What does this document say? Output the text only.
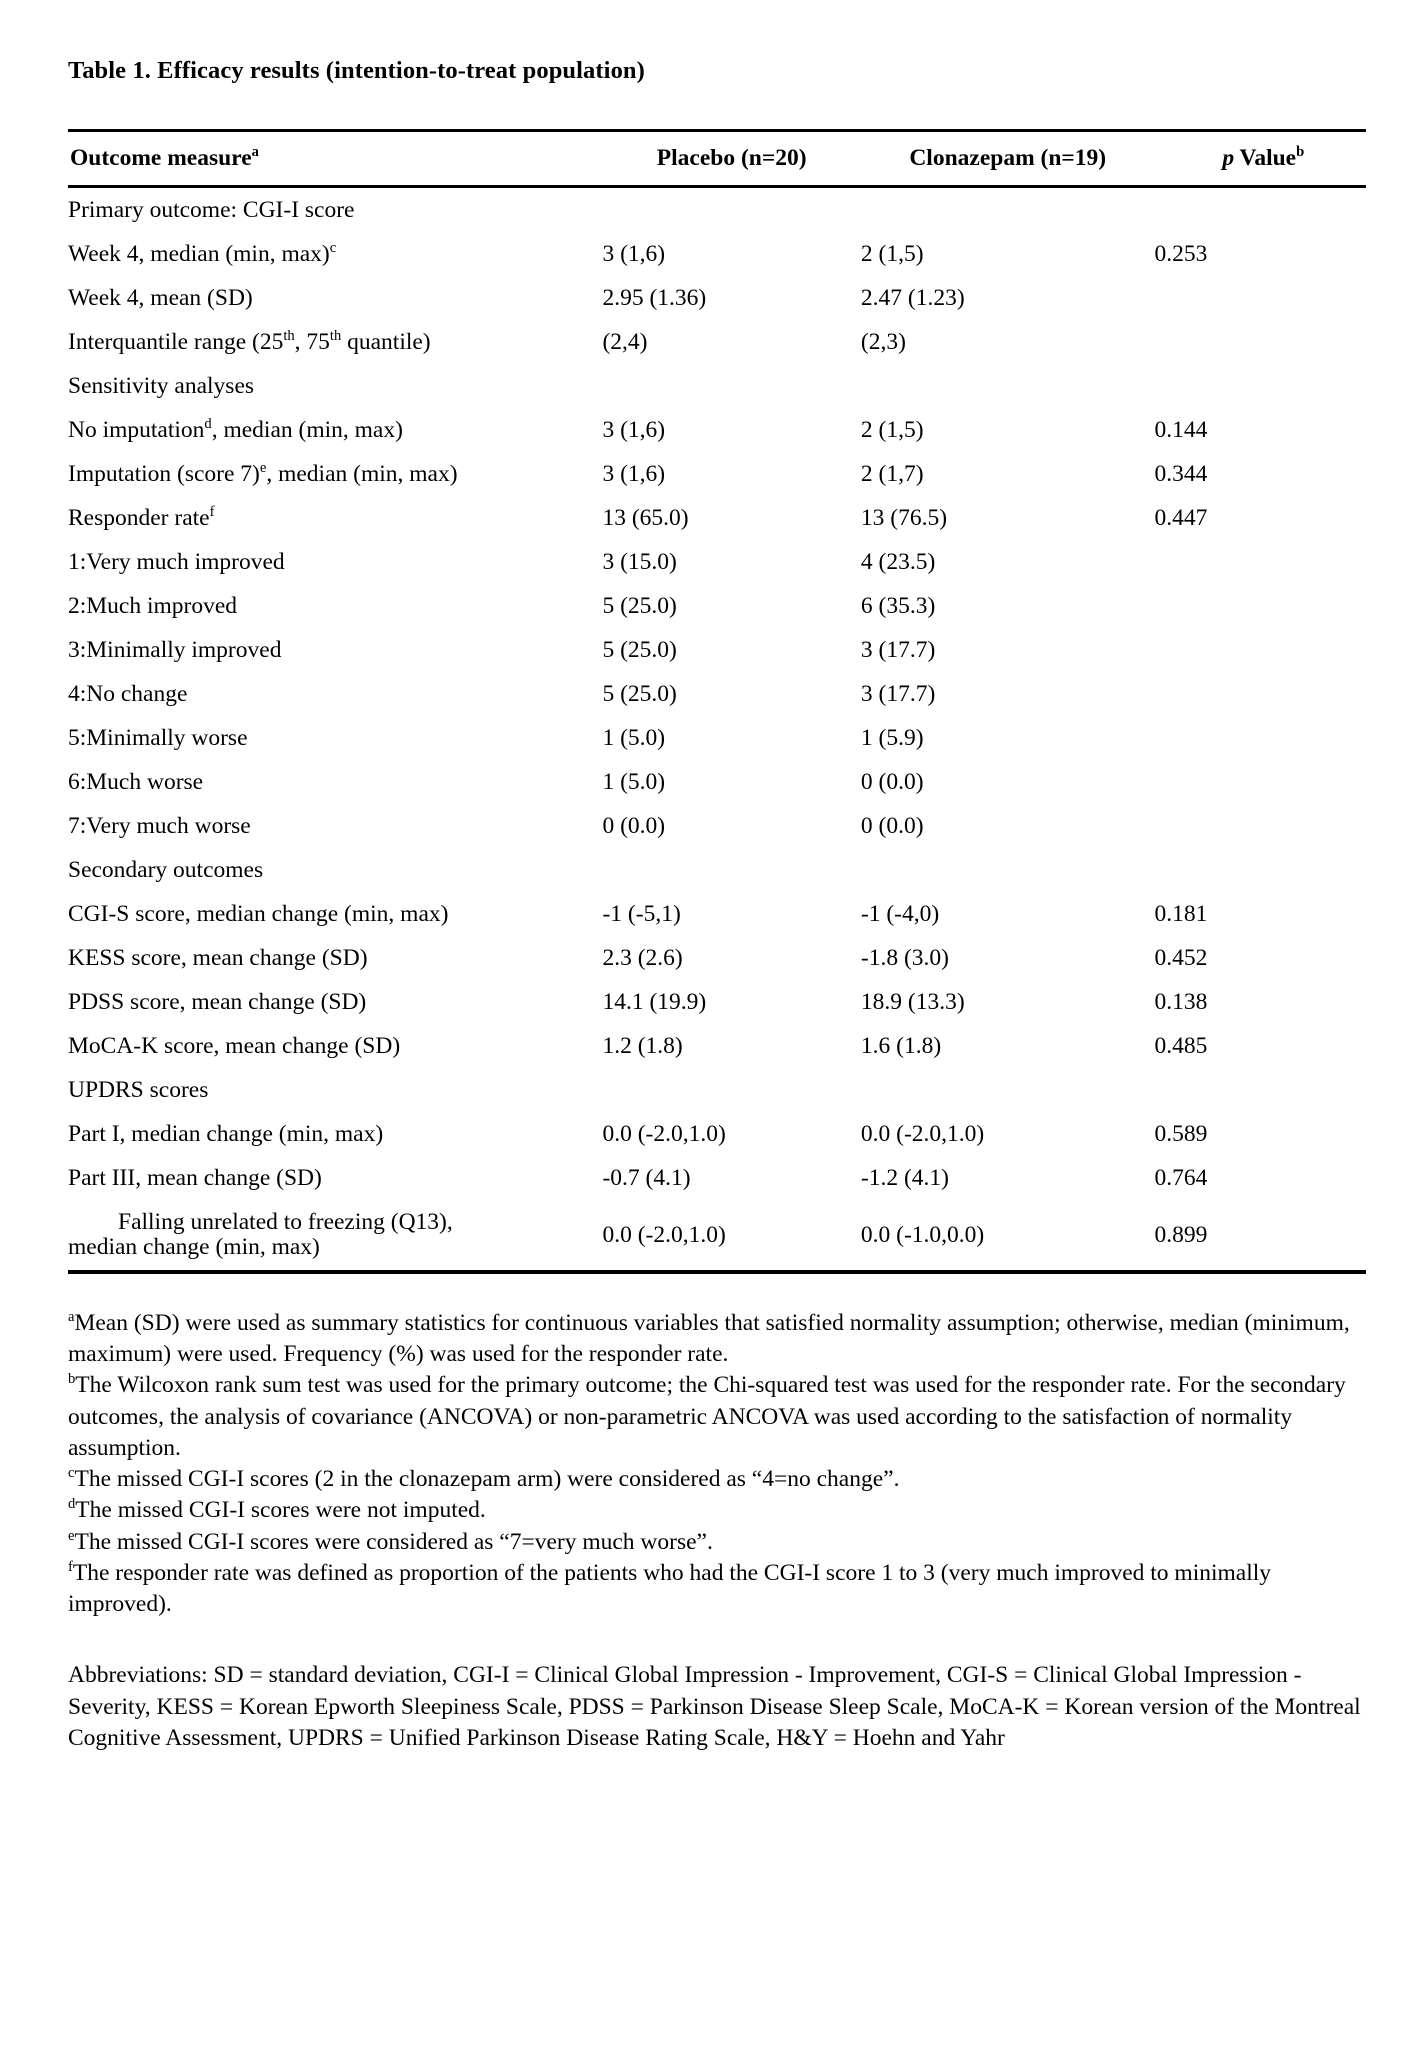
Table 1. Efficacy results (intention-to-treat population)
Outcome measure$^a$	Placebo (n=20)	Clonazepam (n=19)	p Value$^b$
Primary outcome: CGI-I score			
Week 4, median (min, max)$^c$	3 (1,6)	2 (1,5)	0.253
Week 4, mean (SD)	2.95 (1.36)	2.47 (1.23)	
Interquantile range (25th, 75th quantile)	(2,4)	(2,3)	
Sensitivity analyses			
No imputation$^d$, median (min, max)	3 (1,6)	2 (1,5)	0.144
Imputation (score 7)$^e$, median (min, max)	3 (1,6)	2 (1,7)	0.344
Responder rate$^f$	13 (65.0)	13 (76.5)	0.447
1:Very much improved	3 (15.0)	4 (23.5)	
2:Much improved	5 (25.0)	6 (35.3)	
3:Minimally improved	5 (25.0)	3 (17.7)	
4:No change	5 (25.0)	3 (17.7)	
5:Minimally worse	1 (5.0)	1 (5.9)	
6:Much worse	1 (5.0)	0 (0.0)	
7:Very much worse	0 (0.0)	0 (0.0)	
Secondary outcomes			
CGI-S score, median change (min, max)	-1 (-5,1)	-1 (-4,0)	0.181
KESS score, mean change (SD)	2.3 (2.6)	-1.8 (3.0)	0.452
PDSS score, mean change (SD)	14.1 (19.9)	18.9 (13.3)	0.138
MoCA-K score, mean change (SD)	1.2 (1.8)	1.6 (1.8)	0.485
UPDRS scores			
Part I, median change (min, max)	0.0 (-2.0,1.0)	0.0 (-2.0,1.0)	0.589
Part III, mean change (SD)	-0.7 (4.1)	-1.2 (4.1)	0.764

Falling unrelated to freezing (Q13),
median change (min, max)	0.0 (-2.0,1.0)	0.0 (-1.0,0.0)	0.899

$^a$Mean (SD) were used as summary statistics for continuous variables that satisfied normality assumption; otherwise, median (minimum, maximum) were used. Frequency (%) was used for the responder rate.

$^b$The Wilcoxon rank sum test was used for the primary outcome; the Chi-squared test was used for the responder rate. For the secondary outcomes, the analysis of covariance (ANCOVA) or non-parametric ANCOVA was used according to the satisfaction of normality assumption.

$^c$The missed CGI-I scores (2 in the clonazepam arm) were considered as “4=no change”.

$^d$The missed CGI-I scores were not imputed.

$^e$The missed CGI-I scores were considered as “7=very much worse”.

$^f$The responder rate was defined as proportion of the patients who had the CGI-I score 1 to 3 (very much improved to minimally improved).

Abbreviations: SD = standard deviation, CGI-I = Clinical Global Impression - Improvement, CGI-S = Clinical Global Impression - Severity, KESS = Korean Epworth Sleepiness Scale, PDSS = Parkinson Disease Sleep Scale, MoCA-K = Korean version of the Montreal Cognitive Assessment, UPDRS = Unified Parkinson Disease Rating Scale, H&Y = Hoehn and Yahr
